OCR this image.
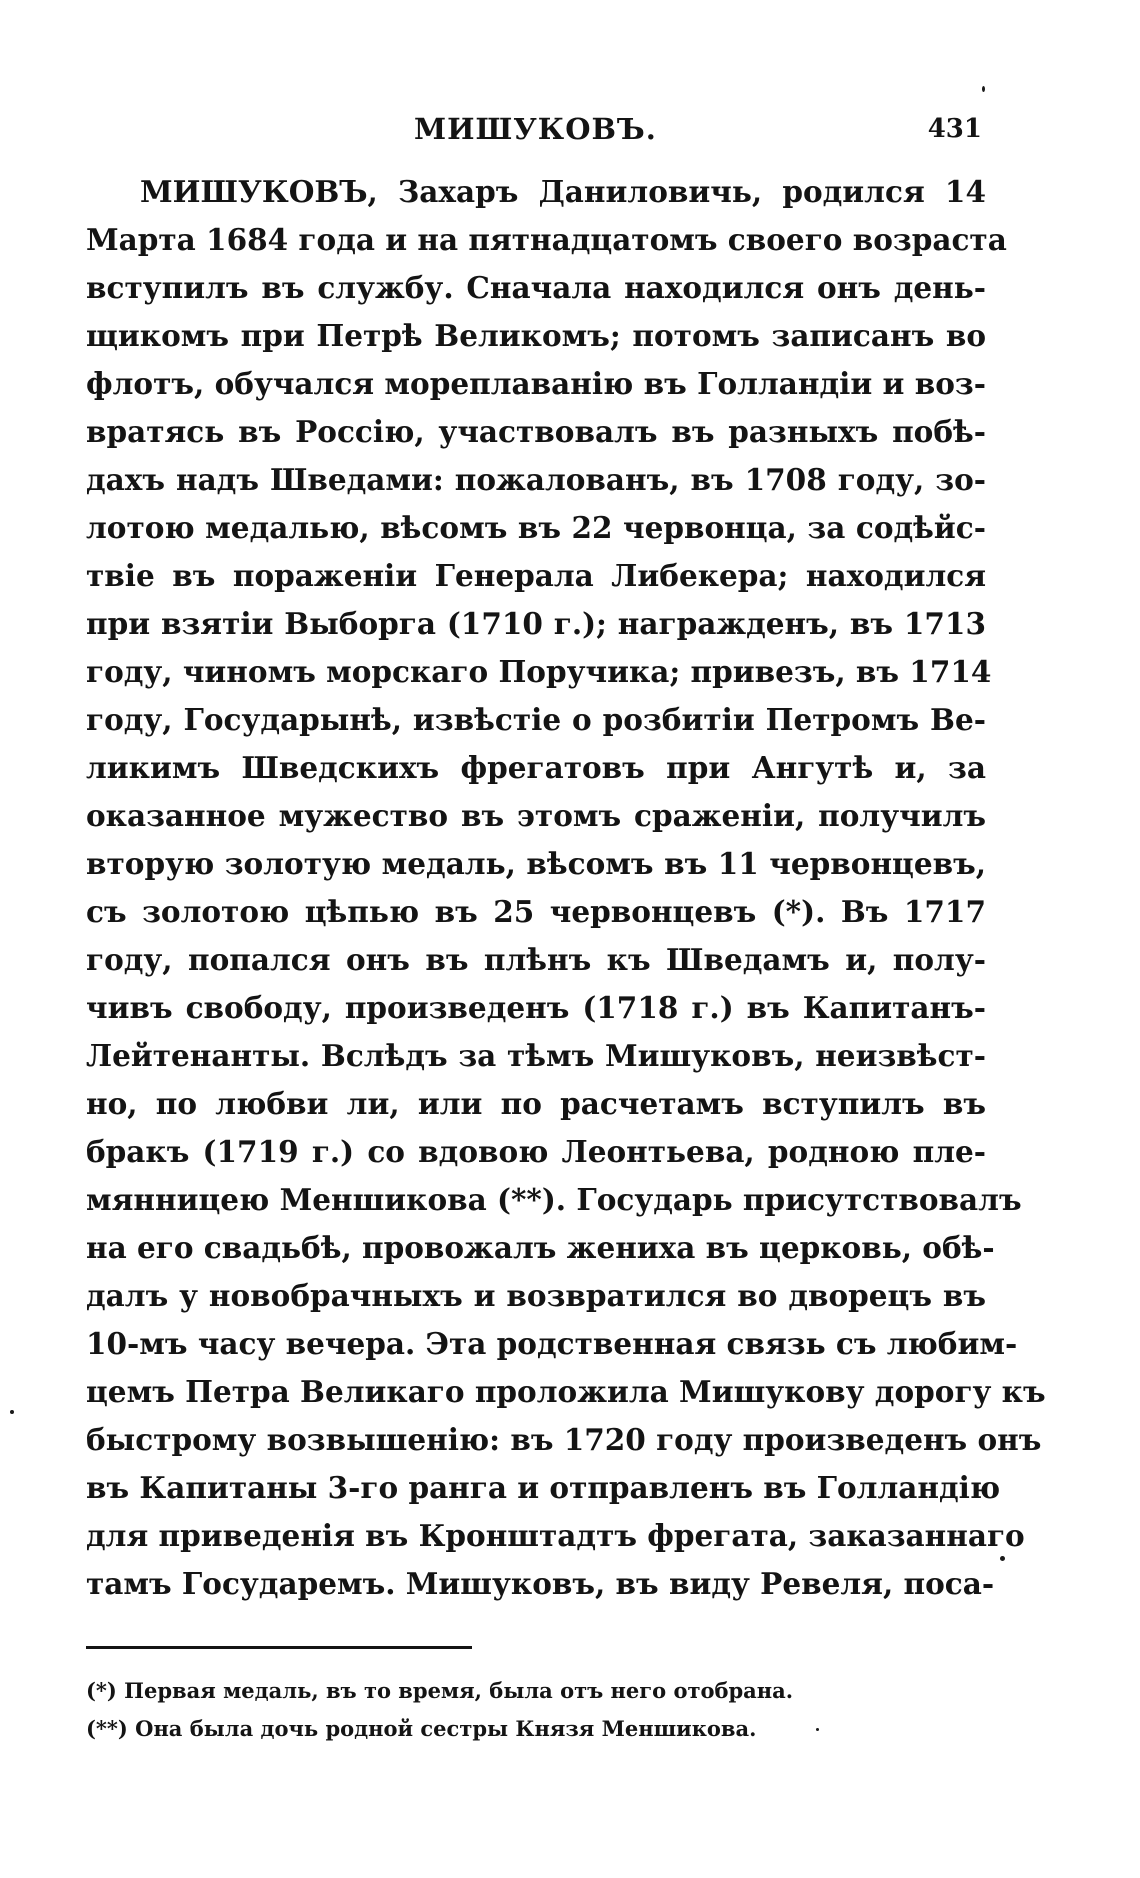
МИШУКОВЪ.	431
МИШУКОВЪ, Захаръ Даниловичь, родился 14
Марта 1684 года и на пятнадцатомъ своего возраста
вступилъ въ службу. Сначала находился онъ день-
щикомъ при Петрѣ Великомъ; потомъ записанъ во
флотъ, обучался мореплаванію въ Голландіи и воз-
вратясь въ Россію, участвовалъ въ разныхъ побѣ-
дахъ надъ Шведами: пожалованъ, въ 1708 году, зо-
лотою медалью, вѣсомъ въ 22 червонца, за содѣйс-
твіе въ пораженіи Генерала Либекера; находился
при взятіи Выборга (1710 г.); награжденъ, въ 1713
году, чиномъ морскаго Поручика; привезъ, въ 1714
году, Государынѣ, извѣстіе о розбитіи Петромъ Ве-
ликимъ Шведскихъ фрегатовъ при Ангутѣ и, за
оказанное мужество въ этомъ сраженіи, получилъ
вторую золотую медаль, вѣсомъ въ 11 червонцевъ,
съ золотою цѣпью въ 25 червонцевъ (*). Въ 1717
году, попался онъ въ плѣнъ къ Шведамъ и, полу-
чивъ свободу, произведенъ (1718 г.) въ Капитанъ-
Лейтенанты. Вслѣдъ за тѣмъ Мишуковъ, неизвѣст-
но, по любви ли, или по расчетамъ вступилъ въ
бракъ (1719 г.) со вдовою Леонтьева, родною пле-
мянницею Меншикова (**). Государь присутствовалъ
на его свадьбѣ, провожалъ жениха въ церковь, обѣ-
далъ у новобрачныхъ и возвратился во дворецъ въ
10-мъ часу вечера. Эта родственная связь съ любим-
цемъ Петра Великаго проложила Мишукову дорогу къ
быстрому возвышенію: въ 1720 году произведенъ онъ
въ Капитаны 3-го ранга и отправленъ въ Голландію
для приведенія въ Кронштадтъ фрегата, заказаннаго
тамъ Государемъ. Мишуковъ, въ виду Ревеля, поса-
(*) Первая медаль, въ то время, была отъ него отобрана.
(**) Она была дочь родной сестры Князя Меншикова.
